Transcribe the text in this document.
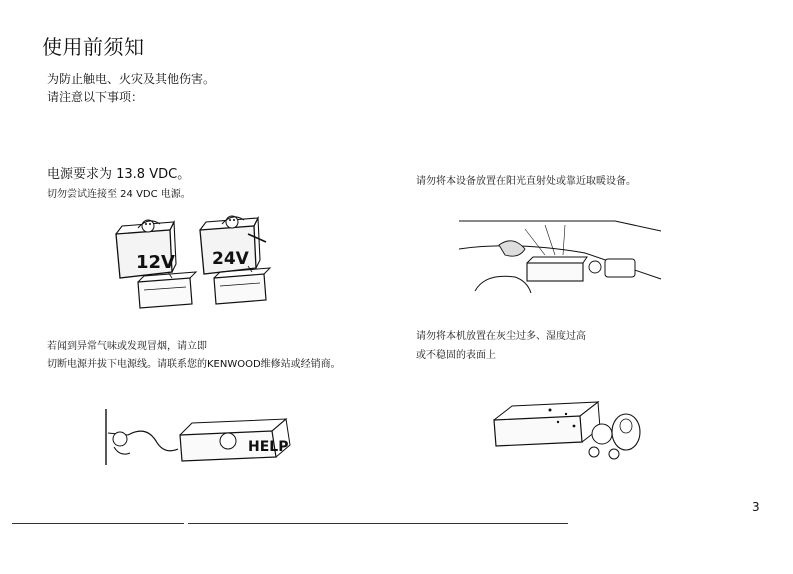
使用前须知
为防止触电、火灾及其他伤害。
请注意以下事项：
电源要求为 13.8 VDC。
切勿尝试连接至 24 VDC 电源。
12V 24V
请勿将本设备放置在阳光直射处或靠近取暖设备。
若闻到异常气味或发现冒烟，请立即
切断电源并拔下电源线。请联系您的KENWOOD维修站或经销商。
HELP
请勿将本机放置在灰尘过多、湿度过高
或不稳固的表面上
3
